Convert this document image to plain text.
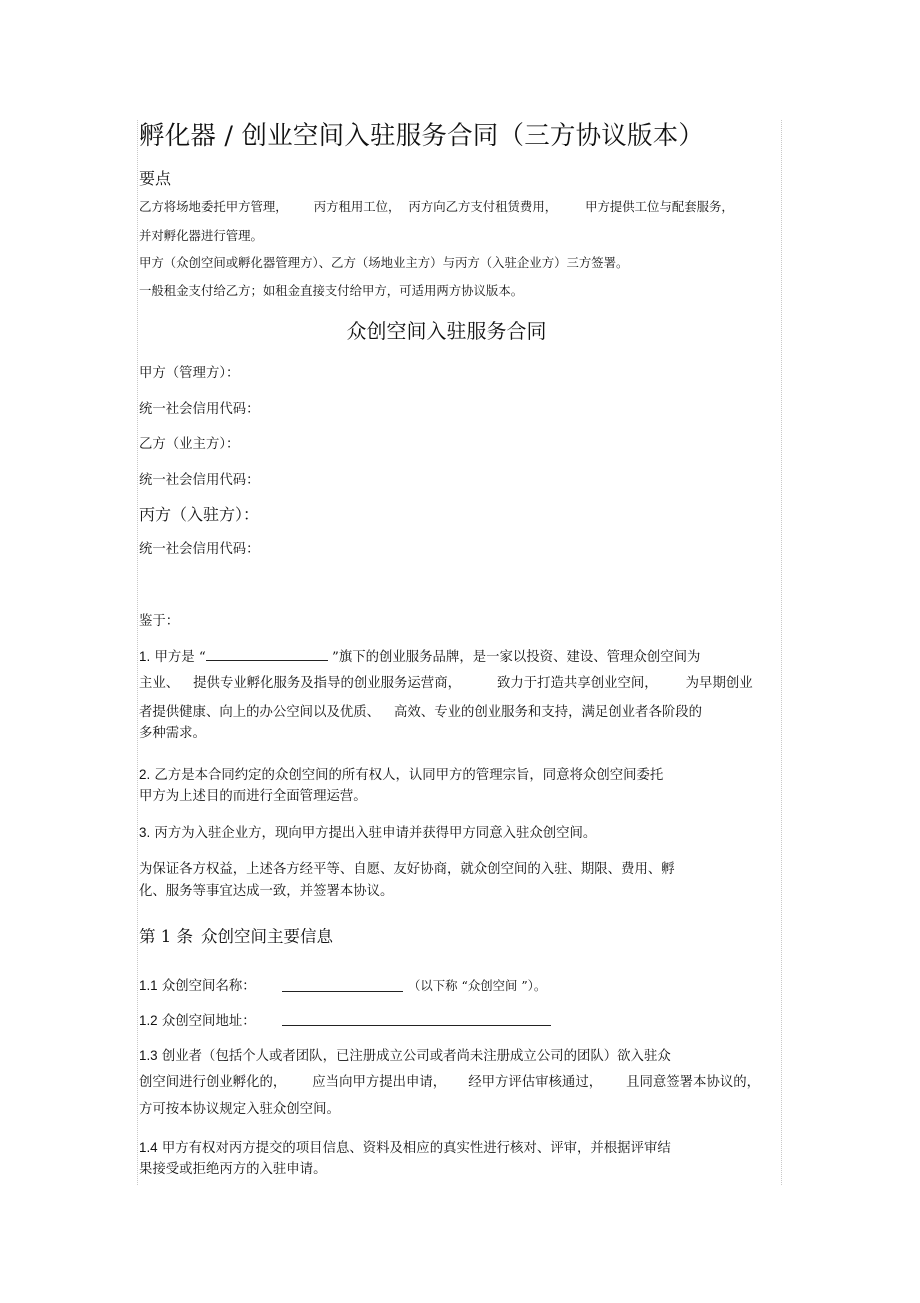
孵化器 / 创业空间入驻服务合同（三方协议版本）
要点
乙方将场地委托甲方管理， 丙方租用工位， 丙方向乙方支付租赁费用， 甲方提供工位与配套服务，
并对孵化器进行管理。
甲方（众创空间或孵化器管理方）、乙方（场地业主方）与丙方（入驻企业方）三方签署。
一般租金支付给乙方；如租金直接支付给甲方，可适用两方协议版本。
众创空间入驻服务合同
甲方（管理方）：
统一社会信用代码：
乙方（业主方）：
统一社会信用代码：
丙方（入驻方）：
统一社会信用代码：
鉴于：
1. 甲方是 “	”旗下的创业服务品牌，是一家以投资、建设、管理众创空间为
主业、 提供专业孵化服务及指导的创业服务运营商，	致力于打造共享创业空间， 为早期创业
者提供健康、向上的办公空间以及优质、 高效、专业的创业服务和支持，满足创业者各阶段的
多种需求。
2. 乙方是本合同约定的众创空间的所有权人，认同甲方的管理宗旨，同意将众创空间委托
甲方为上述目的而进行全面管理运营。
3. 丙方为入驻企业方，现向甲方提出入驻申请并获得甲方同意入驻众创空间。
为保证各方权益，上述各方经平等、自愿、友好协商，就众创空间的入驻、期限、费用、孵
化、服务等事宜达成一致，并签署本协议。
第 1 条 众创空间主要信息
1.1 众创空间名称：	（以下称 “众创空间 ”）。
1.2 众创空间地址：
1.3 创业者（包括个人或者团队，已注册成立公司或者尚未注册成立公司的团队）欲入驻众
创空间进行创业孵化的， 应当向甲方提出申请， 经甲方评估审核通过， 且同意签署本协议的，
方可按本协议规定入驻众创空间。
1.4 甲方有权对丙方提交的项目信息、资料及相应的真实性进行核对、评审，并根据评审结
果接受或拒绝丙方的入驻申请。
